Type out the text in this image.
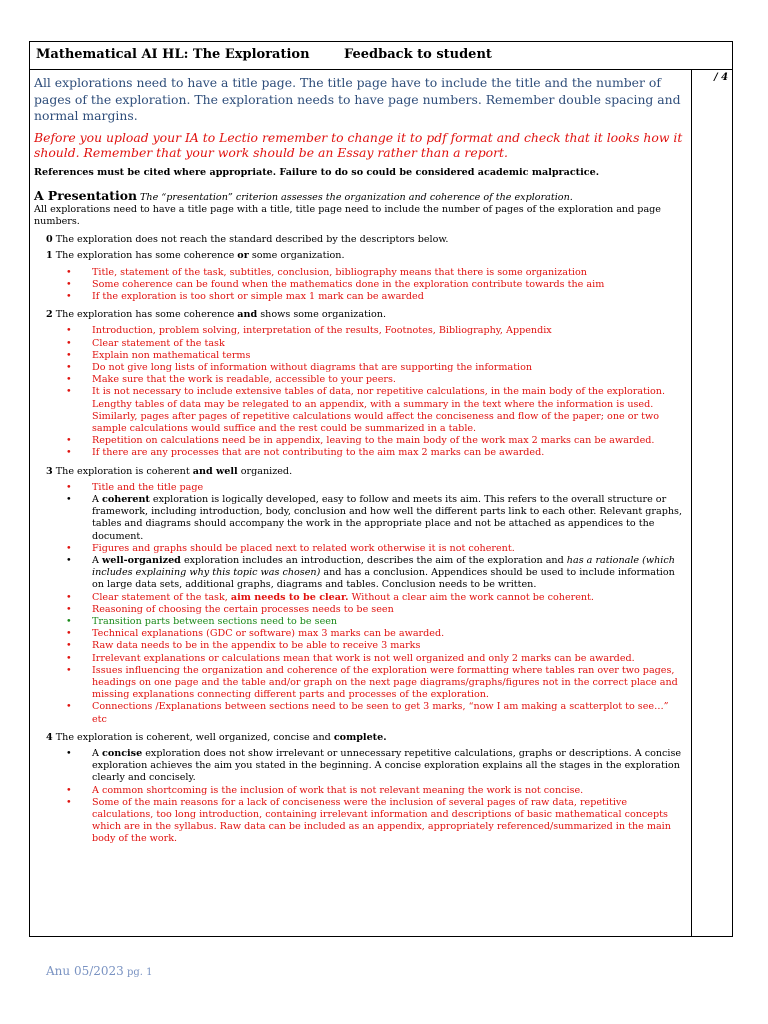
Mathematical AI HL: The Exploration	Feedback to student
/ 4

All explorations need to have a title page. The title page have to include the title and the number of pages of the exploration. The exploration needs to have page numbers. Remember double spacing and normal margins.

Before you upload your IA to Lectio remember to change it to pdf format and check that it looks how it should. Remember that your work should be an Essay rather than a report.

References must be cited where appropriate. Failure to do so could be considered academic malpractice.

A Presentation The “presentation” criterion assesses the organization and coherence of the exploration.

All explorations need to have a title page with a title, title page need to include the number of pages of the exploration and page numbers.

0 The exploration does not reach the standard described by the descriptors below.

1 The exploration has some coherence or some organization.

• Title, statement of the task, subtitles, conclusion, bibliography means that there is some organization
• Some coherence can be found when the mathematics done in the exploration contribute towards the aim
• If the exploration is too short or simple max 1 mark can be awarded

2 The exploration has some coherence and shows some organization.

• Introduction, problem solving, interpretation of the results, Footnotes, Bibliography, Appendix
• Clear statement of the task
• Explain non mathematical terms
• Do not give long lists of information without diagrams that are supporting the information
• Make sure that the work is readable, accessible to your peers.
• It is not necessary to include extensive tables of data, nor repetitive calculations, in the main body of the exploration. Lengthy tables of data may be relegated to an appendix, with a summary in the text where the information is used. Similarly, pages after pages of repetitive calculations would affect the conciseness and flow of the paper; one or two sample calculations would suffice and the rest could be summarized in a table.
• Repetition on calculations need be in appendix, leaving to the main body of the work max 2 marks can be awarded.
• If there are any processes that are not contributing to the aim max 2 marks can be awarded.

3 The exploration is coherent and well organized.

• Title and the title page
• A coherent exploration is logically developed, easy to follow and meets its aim. This refers to the overall structure or framework, including introduction, body, conclusion and how well the different parts link to each other. Relevant graphs, tables and diagrams should accompany the work in the appropriate place and not be attached as appendices to the document.
• Figures and graphs should be placed next to related work otherwise it is not coherent.
• A well-organized exploration includes an introduction, describes the aim of the exploration and has a rationale (which includes explaining why this topic was chosen) and has a conclusion. Appendices should be used to include information on large data sets, additional graphs, diagrams and tables. Conclusion needs to be written.
• Clear statement of the task, aim needs to be clear. Without a clear aim the work cannot be coherent.
• Reasoning of choosing the certain processes needs to be seen
• Transition parts between sections need to be seen
• Technical explanations (GDC or software) max 3 marks can be awarded.
• Raw data needs to be in the appendix to be able to receive 3 marks
• Irrelevant explanations or calculations mean that work is not well organized and only 2 marks can be awarded.
• Issues influencing the organization and coherence of the exploration were formatting where tables ran over two pages, headings on one page and the table and/or graph on the next page diagrams/graphs/figures not in the correct place and missing explanations connecting different parts and processes of the exploration.
• Connections /Explanations between sections need to be seen to get 3 marks, “now I am making a scatterplot to see…” etc

4 The exploration is coherent, well organized, concise and complete.

• A concise exploration does not show irrelevant or unnecessary repetitive calculations, graphs or descriptions. A concise exploration achieves the aim you stated in the beginning. A concise exploration explains all the stages in the exploration clearly and concisely.
• A common shortcoming is the inclusion of work that is not relevant meaning the work is not concise.
• Some of the main reasons for a lack of conciseness were the inclusion of several pages of raw data, repetitive calculations, too long introduction, containing irrelevant information and descriptions of basic mathematical concepts which are in the syllabus. Raw data can be included as an appendix, appropriately referenced/summarized in the main body of the work.
Anu 05/2023 pg. 1
